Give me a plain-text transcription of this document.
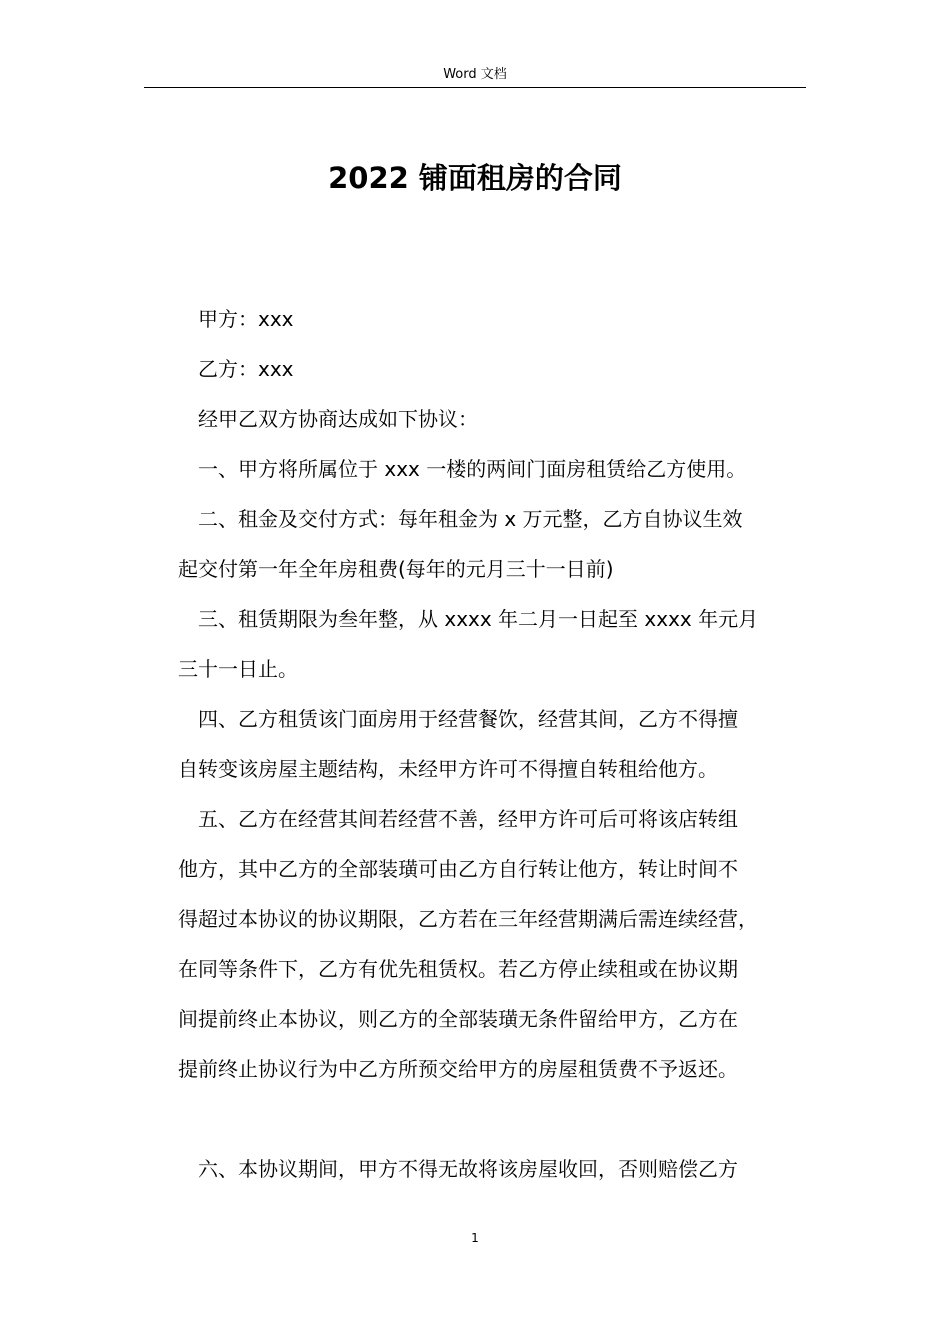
Word 文档
2022 铺面租房的合同

甲方：xxx

乙方：xxx

经甲乙双方协商达成如下协议：

一、甲方将所属位于 xxx 一楼的两间门面房租赁给乙方使用。

二、租金及交付方式：每年租金为 x 万元整，乙方自协议生效

起交付第一年全年房租费(每年的元月三十一日前)

三、租赁期限为叁年整，从 xxxx 年二月一日起至 xxxx 年元月

三十一日止。

四、乙方租赁该门面房用于经营餐饮，经营其间，乙方不得擅

自转变该房屋主题结构，未经甲方许可不得擅自转租给他方。

五、乙方在经营其间若经营不善，经甲方许可后可将该店转组

他方，其中乙方的全部装璜可由乙方自行转让他方，转让时间不

得超过本协议的协议期限，乙方若在三年经营期满后需连续经营，

在同等条件下，乙方有优先租赁权。若乙方停止续租或在协议期

间提前终止本协议，则乙方的全部装璜无条件留给甲方，乙方在

提前终止协议行为中乙方所预交给甲方的房屋租赁费不予返还。

六、本协议期间，甲方不得无故将该房屋收回，否则赔偿乙方

1
